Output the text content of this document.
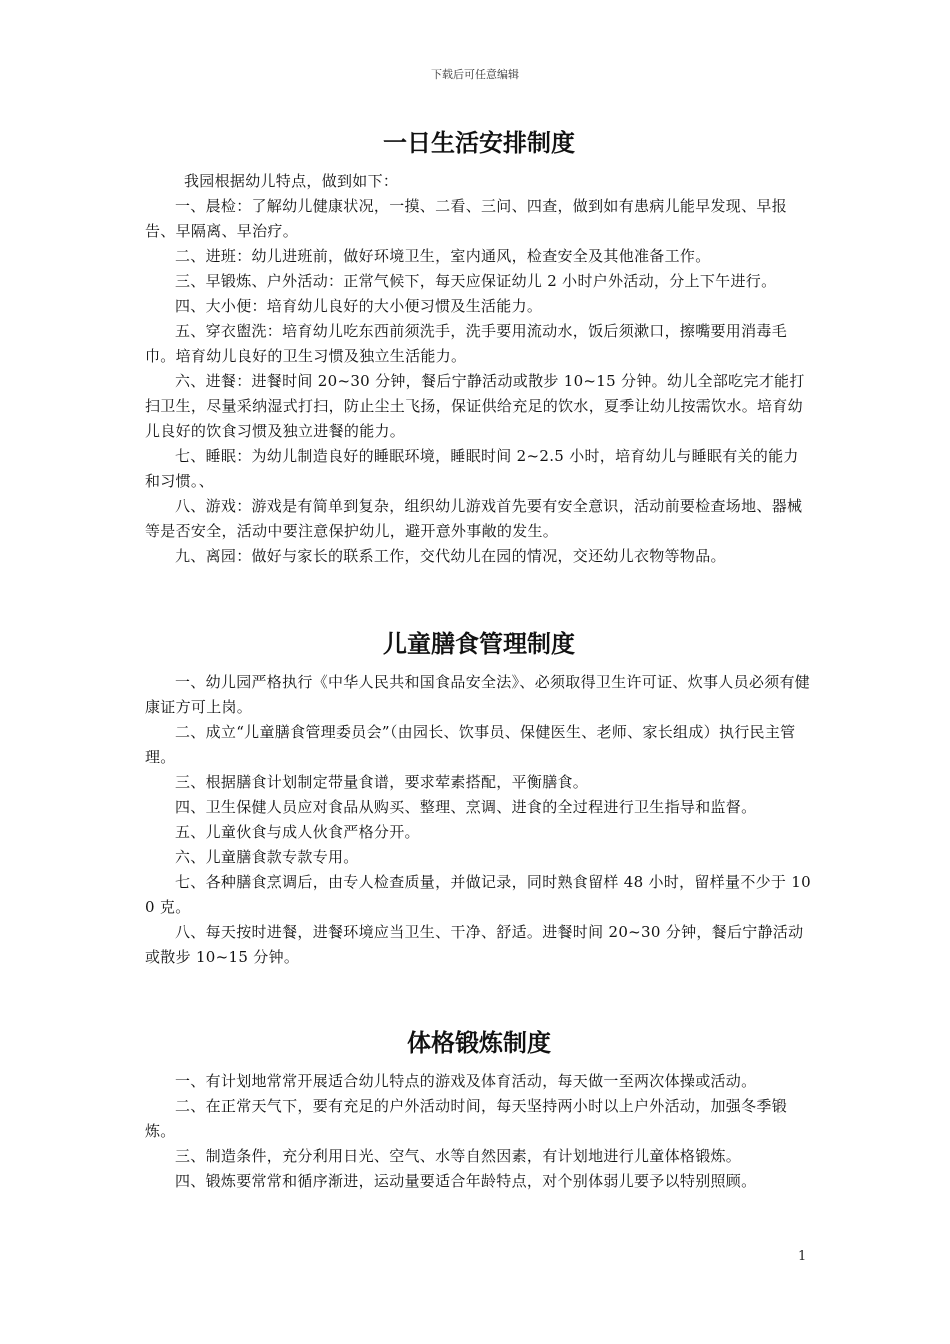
下载后可任意编辑
一日生活安排制度

我园根据幼儿特点，做到如下：

一、晨检：了解幼儿健康状况，一摸、二看、三问、四查，做到如有患病儿能早发现、早报告、早隔离、早治疗。

二、进班：幼儿进班前，做好环境卫生，室内通风，检查安全及其他准备工作。

三、早锻炼、户外活动：正常气候下，每天应保证幼儿 2 小时户外活动，分上下午进行。

四、大小便：培育幼儿良好的大小便习惯及生活能力。

五、穿衣盥洗：培育幼儿吃东西前须洗手，洗手要用流动水，饭后须漱口，擦嘴要用消毒毛巾。培育幼儿良好的卫生习惯及独立生活能力。

六、进餐：进餐时间 20~30 分钟，餐后宁静活动或散步 10~15 分钟。幼儿全部吃完才能打扫卫生，尽量采纳湿式打扫，防止尘土飞扬，保证供给充足的饮水，夏季让幼儿按需饮水。培育幼儿良好的饮食习惯及独立进餐的能力。

七、睡眠：为幼儿制造良好的睡眠环境，睡眠时间 2~2.5 小时，培育幼儿与睡眠有关的能力和习惯。、

八、游戏：游戏是有简单到复杂，组织幼儿游戏首先要有安全意识，活动前要检查场地、器械等是否安全，活动中要注意保护幼儿，避开意外事敞的发生。

九、离园：做好与家长的联系工作，交代幼儿在园的情况，交还幼儿衣物等物品。

儿童膳食管理制度

一、幼儿园严格执行《中华人民共和国食品安全法》、必须取得卫生许可证、炊事人员必须有健康证方可上岗。

二、成立“儿童膳食管理委员会”（由园长、饮事员、保健医生、老师、家长组成）执行民主管理。

三、根据膳食计划制定带量食谱，要求荤素搭配，平衡膳食。

四、卫生保健人员应对食品从购买、整理、烹调、进食的全过程进行卫生指导和监督。

五、儿童伙食与成人伙食严格分开。

六、儿童膳食款专款专用。

七、各种膳食烹调后，由专人检查质量，并做记录，同时熟食留样 48 小时，留样量不少于 100 克。

八、每天按时进餐，进餐环境应当卫生、干净、舒适。进餐时间 20~30 分钟，餐后宁静活动或散步 10~15 分钟。

体格锻炼制度

一、有计划地常常开展适合幼儿特点的游戏及体育活动，每天做一至两次体操或活动。

二、在正常天气下，要有充足的户外活动时间，每天坚持两小时以上户外活动，加强冬季锻炼。

三、制造条件，充分利用日光、空气、水等自然因素，有计划地进行儿童体格锻炼。

四、锻炼要常常和循序渐进，运动量要适合年龄特点，对个别体弱儿要予以特别照顾。

1
